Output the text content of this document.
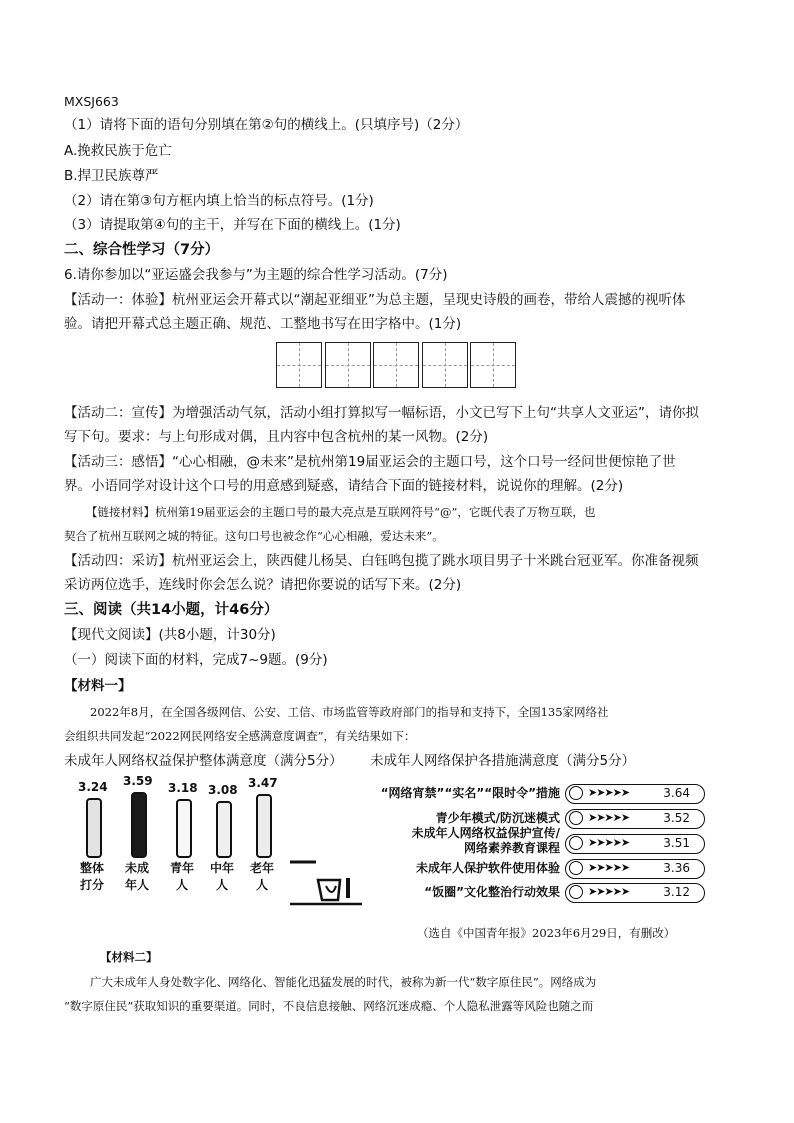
MXSJ663
（1）请将下面的语句分别填在第②句的横线上。(只填序号)（2分）
A.挽救民族于危亡
B.捍卫民族尊严
（2）请在第③句方框内填上恰当的标点符号。(1分)
（3）请提取第④句的主干，并写在下面的横线上。(1分)
二、综合性学习（7分）
6.请你参加以“亚运盛会我参与”为主题的综合性学习活动。(7分)
【活动一：体验】杭州亚运会开幕式以“潮起亚细亚”为总主题，呈现史诗般的画卷，带给人震撼的视听体
验。请把开幕式总主题正确、规范、工整地书写在田字格中。(1分)
【活动二：宣传】为增强活动气氛，活动小组打算拟写一幅标语，小文已写下上句“共享人文亚运”，请你拟
写下句。要求：与上句形成对偶，且内容中包含杭州的某一风物。(2分)
【活动三：感悟】“心心相融，@未来”是杭州第19届亚运会的主题口号，这个口号一经问世便惊艳了世
界。小语同学对设计这个口号的用意感到疑惑，请结合下面的链接材料，说说你的理解。(2分)
【链接材料】杭州第19届亚运会的主题口号的最大亮点是互联网符号“@”，它既代表了万物互联，也
契合了杭州互联网之城的特征。这句口号也被念作“心心相融，爱达未来”。
【活动四：采访】杭州亚运会上，陕西健儿杨昊、白钰鸣包揽了跳水项目男子十米跳台冠亚军。你准备视频
采访两位选手，连线时你会怎么说？请把你要说的话写下来。(2分)
三、阅读（共14小题，计46分）
【现代文阅读】(共8小题，计30分)
（一）阅读下面的材料，完成7~9题。(9分)
【材料一】
2022年8月，在全国各级网信、公安、工信、市场监管等政府部门的指导和支持下，全国135家网络社
会组织共同发起“2022网民网络安全感满意度调查”，有关结果如下：
未成年人网络权益保护整体满意度（满分5分） 未成年人网络保护各措施满意度（满分5分）
3.24
整体
打分
3.59
未成
年人
3.18
青年
人
3.08
中年
人
3.47
老年
人
“网络宵禁”“实名”“限时令”措施	➤➤➤➤➤	3.64
青少年模式/防沉迷模式	➤➤➤➤➤	3.52
未成年人网络权益保护宣传/
网络素养教育课程	➤➤➤➤➤	3.51
未成年人保护软件使用体验	➤➤➤➤➤	3.36
“饭圈”文化整治行动效果	➤➤➤➤➤	3.12
（选自《中国青年报》2023年6月29日，有删改）
【材料二】
广大未成年人身处数字化、网络化、智能化迅猛发展的时代，被称为新一代“数字原住民”。网络成为
“数字原住民”获取知识的重要渠道。同时，不良信息接触、网络沉迷成瘾、个人隐私泄露等风险也随之而
